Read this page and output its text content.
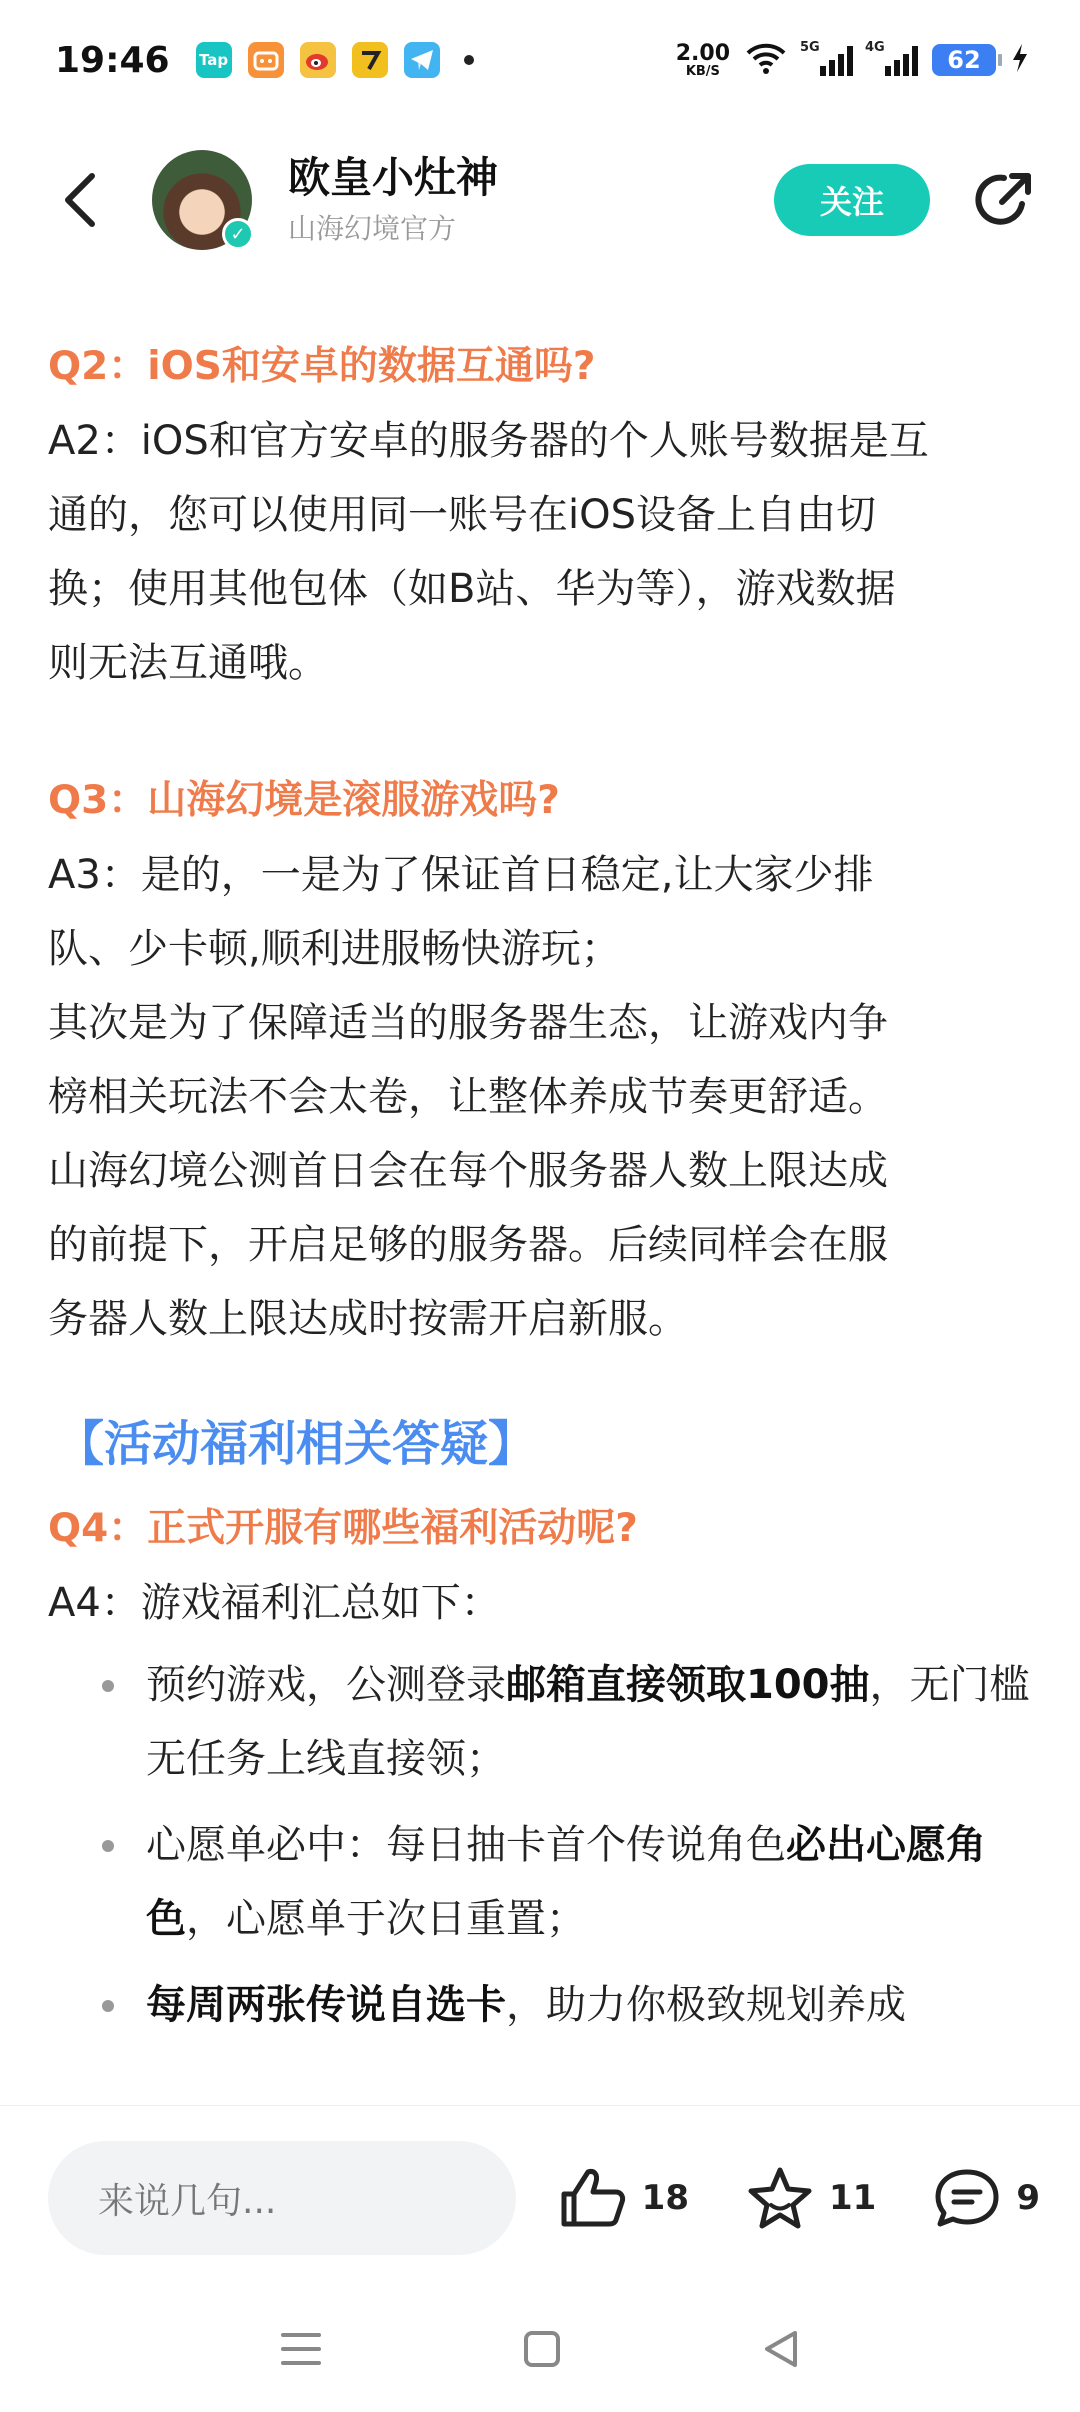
19:46 Tap	2.00
KB/S
5G	4G	62
✓
欧皇小灶神
山海幻境官方
关注
Q2：iOS和安卓的数据互通吗?
A2：iOS和官方安卓的服务器的个人账号数据是互
通的，您可以使用同一账号在iOS设备上自由切
换；使用其他包体（如B站、华为等），游戏数据
则无法互通哦。
Q3：山海幻境是滚服游戏吗?
A3：是的，一是为了保证首日稳定,让大家少排
队、少卡顿,顺利进服畅快游玩；
其次是为了保障适当的服务器生态，让游戏内争
榜相关玩法不会太卷，让整体养成节奏更舒适。
山海幻境公测首日会在每个服务器人数上限达成
的前提下，开启足够的服务器。后续同样会在服
务器人数上限达成时按需开启新服。
【活动福利相关答疑】
Q4：正式开服有哪些福利活动呢?
A4：游戏福利汇总如下：
预约游戏，公测登录邮箱直接领取100抽，无门槛无任务上线直接领；
心愿单必中：每日抽卡首个传说角色必出心愿角色，心愿单于次日重置；
每周两张传说自选卡，助力你极致规划养成
来说几句...	18	11	9
